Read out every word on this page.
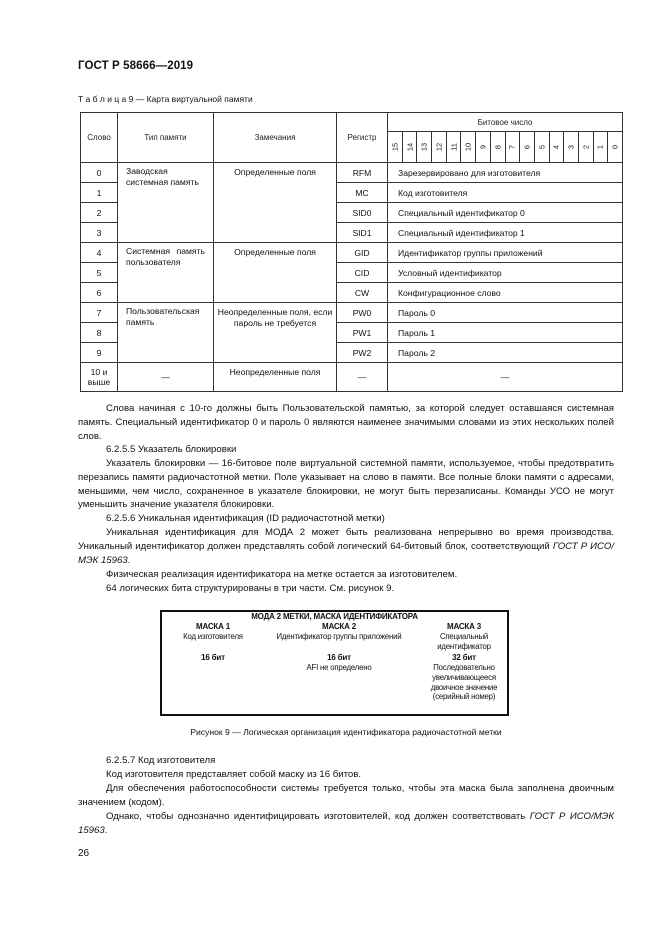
ГОСТ Р 58666—2019
Т а б л и ц а 9 — Карта виртуальной памяти
Слово	Тип памяти	Замечания	Регистр	Битовое число															

				15	14	13	12	11	10	9	8	7	6	5	4	3	2	1	0

0	Заводская системная память	Определенные поля	RFM	Зарезервировано для изготовителя															
1			MC	Код изготовителя															
2			SID0	Специальный идентификатор 0															
3			SID1	Специальный идентификатор 1															
4	Системная память пользователя	Определенные поля	GID	Идентификатор группы приложений															
5			CID	Условный идентификатор															
6			CW	Конфигурационное слово															
7	Пользовательская память	Неопределенные поля, если пароль не требуется	PW0	Пароль 0															
8			PW1	Пароль 1															
9			PW2	Пароль 2															
10 и выше	—	Неопределенные поля	—	—															
Слова начиная с 10-го должны быть Пользовательской памятью, за которой следует оставшаяся системная память. Специальный идентификатор 0 и пароль 0 являются наименее значимыми словами из этих нескольких полей слов.
6.2.5.5 Указатель блокировки
Указатель блокировки — 16-битовое поле виртуальной системной памяти, используемое, чтобы предотвратить перезапись памяти радиочастотной метки. Поле указывает на слово в памяти. Все полные блоки памяти с адресами, меньшими, чем число, сохраненное в указателе блокировки, не могут быть перезаписаны. Команды УСО не могут уменьшить значение указателя блокировки.
6.2.5.6 Уникальная идентификация (ID радиочастотной метки)
Уникальная идентификация для МОДА 2 может быть реализована непрерывно во время производства. Уникальный идентификатор должен представлять собой логический 64-битовый блок, соответствующий ГОСТ Р ИСО/МЭК 15963.
Физическая реализация идентификатора на метке остается за изготовителем.
64 логических бита структурированы в три части. См. рисунок 9.
МОДА 2 МЕТКИ, МАСКА ИДЕНТИФИКАТОРА
МАСКА 1
Код изготовителя
16 бит
МАСКА 2
Идентификатор группы приложений
16 бит
AFI не определено
МАСКА 3
Специальный идентификатор
32 бит
Последовательно увеличивающееся двоичное значение (серийный номер)
Рисунок 9 — Логическая организация идентификатора радиочастотной метки
6.2.5.7 Код изготовителя
Код изготовителя представляет собой маску из 16 битов.
Для обеспечения работоспособности системы требуется только, чтобы эта маска была заполнена двоичным значением (кодом).
Однако, чтобы однозначно идентифицировать изготовителей, код должен соответствовать ГОСТ Р ИСО/МЭК 15963.
26
